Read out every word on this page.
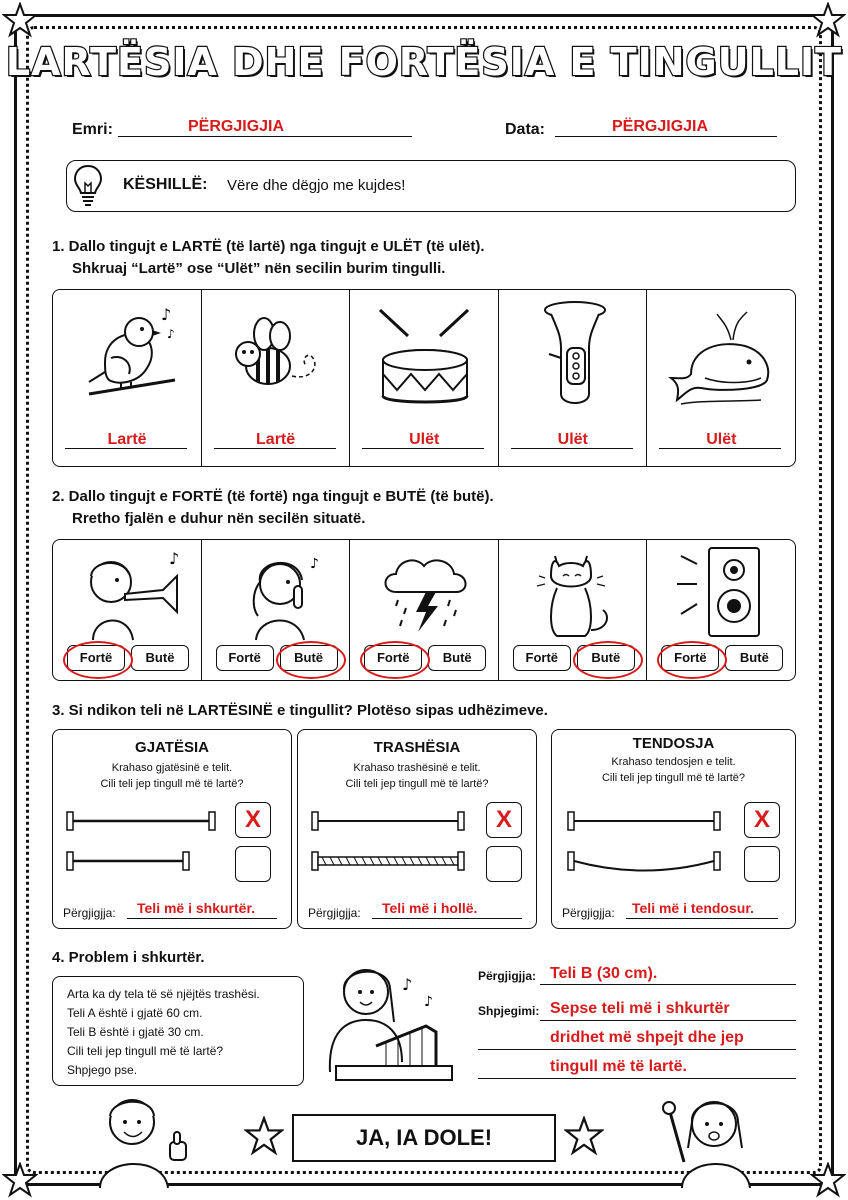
LARTËSIA DHE FORTËSIA E TINGULLIT
Emri:	PËRGJIGJIA	Data:	PËRGJIGJIA
KËSHILLË: Vëre dhe dëgjo me kujdes!
1. Dallo tingujt e LARTË (të lartë) nga tingujt e ULËT (të ulët).
Shkruaj “Lartë” ose “Ulët” nën secilin burim tingulli.
♪
♪
Lartë	Lartë	Ulët	Ulët	Ulët
2. Dallo tingujt e FORTË (të fortë) nga tingujt e BUTË (të butë).
Rretho fjalën e duhur nën secilën situatë.
♪
Fortë	Butë
♪
Fortë	Butë	Fortë	Butë	Fortë	Butë	Fortë	Butë
3. Si ndikon teli në LARTËSINË e tingullit? Plotëso sipas udhëzimeve.
GJATËSIA
Krahaso gjatësinë e telit.
Cili teli jep tingull më të lartë?
X
Përgjigjja: Teli më i shkurtër.
TRASHËSIA
Krahaso trashësinë e telit.
Cili teli jep tingull më të lartë?
X
Përgjigjja: Teli më i hollë.
TENDOSJA
Krahaso tendosjen e telit.
Cili teli jep tingull më të lartë?
X
Përgjigjja: Teli më i tendosur.
4. Problem i shkurtër.
Arta ka dy tela të së njëjtës trashësi.
Teli A është i gjatë 60 cm.
Teli B është i gjatë 30 cm.
Cili teli jep tingull më të lartë?
Shpjego pse.
♪
♪
Përgjigjja: Teli B (30 cm).
Shpjegimi: Sepse teli më i shkurtër
dridhet më shpejt dhe jep
tingull më të lartë.
JA, IA DOLE!
